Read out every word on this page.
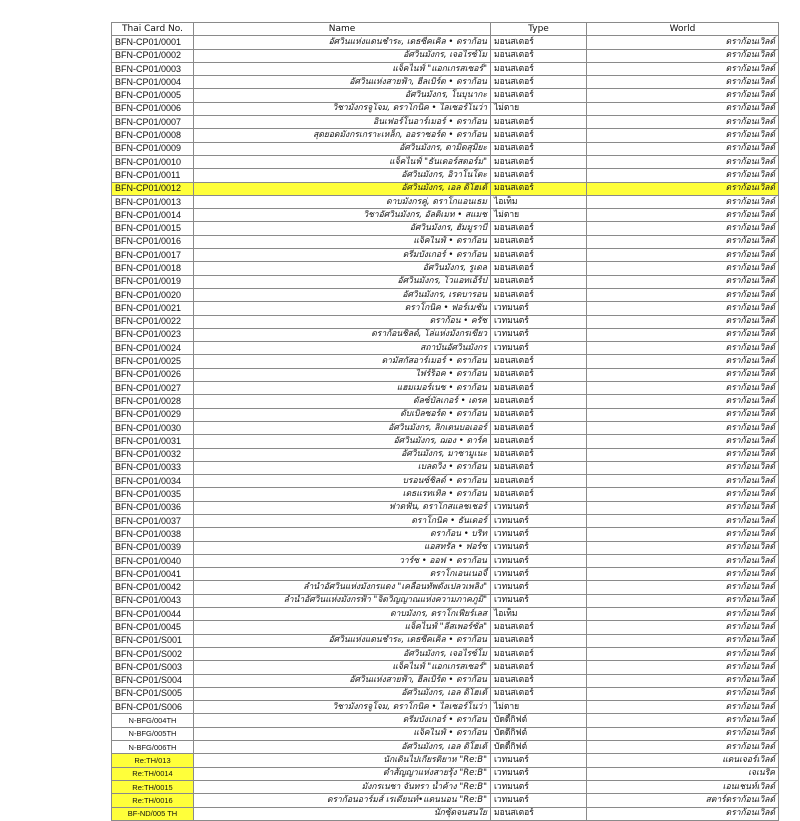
Thai Card No.	Name	Type	World
BFN-CP01/0001	อัศวินแห่งแดนชำระ, เดธซีคเคิล • ดราก้อน	มอนสเตอร์	ดราก้อนเวิลด์
BFN-CP01/0002	อัศวินมังกร, เจอไรซ์โม	มอนสเตอร์	ดราก้อนเวิลด์
BFN-CP01/0003	แจ็คไนฟ์ "แอกเกรสเซอร์"	มอนสเตอร์	ดราก้อนเวิลด์
BFN-CP01/0004	อัศวินแห่งสายฟ้า, ฮีลเบิร์ต • ดราก้อน	มอนสเตอร์	ดราก้อนเวิลด์
BFN-CP01/0005	อัศวินมังกร, โนบุนากะ	มอนสเตอร์	ดราก้อนเวิลด์
BFN-CP01/0006	วิชามังกรจูโจม, ดราโกนิค • ไลเซอร์โนว่า	ไม่ตาย	ดราก้อนเวิลด์
BFN-CP01/0007	อินเฟอร์โนอาร์เมอร์ • ดราก้อน	มอนสเตอร์	ดราก้อนเวิลด์
BFN-CP01/0008	สุดยอดมังกรเกราะเหล็ก, ออราซอร์ด • ดราก้อน	มอนสเตอร์	ดราก้อนเวิลด์
BFN-CP01/0009	อัศวินมังกร, ดามิดสุมิยะ	มอนสเตอร์	ดราก้อนเวิลด์
BFN-CP01/0010	แจ็คไนฟ์ "ธันเดอร์สตอร์ม"	มอนสเตอร์	ดราก้อนเวิลด์
BFN-CP01/0011	อัศวินมังกร, อิวาโนโตะ	มอนสเตอร์	ดราก้อนเวิลด์
BFN-CP01/0012	อัศวินมังกร, เอล ดิโฮเต้	มอนสเตอร์	ดราก้อนเวิลด์
BFN-CP01/0013	ดาบมังกรคู่, ดราโกแอนเธม	ไอเท็ม	ดราก้อนเวิลด์
BFN-CP01/0014	วิชาอัศวินมังกร, อัลติเมท • สแมช	ไม่ตาย	ดราก้อนเวิลด์
BFN-CP01/0015	อัศวินมังกร, ฮัมมูราบี	มอนสเตอร์	ดราก้อนเวิลด์
BFN-CP01/0016	แจ็คไนฟ์ • ดราก้อน	มอนสเตอร์	ดราก้อนเวิลด์
BFN-CP01/0017	ดรีมบังเกอร์ • ดราก้อน	มอนสเตอร์	ดราก้อนเวิลด์
BFN-CP01/0018	อัศวินมังกร, รูเดล	มอนสเตอร์	ดราก้อนเวิลด์
BFN-CP01/0019	อัศวินมังกร, โวแอทเอ้ร์ป	มอนสเตอร์	ดราก้อนเวิลด์
BFN-CP01/0020	อัศวินมังกร, เรดบารอน	มอนสเตอร์	ดราก้อนเวิลด์
BFN-CP01/0021	ดราโกนิค • ฟอร์เมชั่น	เวทมนตร์	ดราก้อนเวิลด์
BFN-CP01/0022	ดราก้อน • ครัช	เวทมนตร์	ดราก้อนเวิลด์
BFN-CP01/0023	ดราก้อนชิลด์, โล่แห่งมังกรเขียว	เวทมนตร์	ดราก้อนเวิลด์
BFN-CP01/0024	สถาบันอัศวินมังกร	เวทมนตร์	ดราก้อนเวิลด์
BFN-CP01/0025	ดามัสกัสอาร์เมอร์ • ดราก้อน	มอนสเตอร์	ดราก้อนเวิลด์
BFN-CP01/0026	ไฟร์ร็อค • ดราก้อน	มอนสเตอร์	ดราก้อนเวิลด์
BFN-CP01/0027	แฮมเมอร์เนซ • ดราก้อน	มอนสเตอร์	ดราก้อนเวิลด์
BFN-CP01/0028	ดัลซ์บัลเกอร์ • เดรค	มอนสเตอร์	ดราก้อนเวิลด์
BFN-CP01/0029	ดับเบิลซอร์ด • ดราก้อน	มอนสเตอร์	ดราก้อนเวิลด์
BFN-CP01/0030	อัศวินมังกร, ลิกเตนบอเออร์	มอนสเตอร์	ดราก้อนเวิลด์
BFN-CP01/0031	อัศวินมังกร, ฌอง • ดาร์ค	มอนสเตอร์	ดราก้อนเวิลด์
BFN-CP01/0032	อัศวินมังกร, มาซามูเนะ	มอนสเตอร์	ดราก้อนเวิลด์
BFN-CP01/0033	เบลดวิง • ดราก้อน	มอนสเตอร์	ดราก้อนเวิลด์
BFN-CP01/0034	บรอนซ์ชิลด์ • ดราก้อน	มอนสเตอร์	ดราก้อนเวิลด์
BFN-CP01/0035	เดธแรทเทิล • ดราก้อน	มอนสเตอร์	ดราก้อนเวิลด์
BFN-CP01/0036	ฟาดฟัน, ดราโกสแลชเชอร์	เวทมนตร์	ดราก้อนเวิลด์
BFN-CP01/0037	ดราโกนิค • ธันเดอร์	เวทมนตร์	ดราก้อนเวิลด์
BFN-CP01/0038	ดราก้อน • บริท	เวทมนตร์	ดราก้อนเวิลด์
BFN-CP01/0039	แอสทรัล • ฟอร์ซ	เวทมนตร์	ดราก้อนเวิลด์
BFN-CP01/0040	วาร์ซ • ออฟ • ดราก้อน	เวทมนตร์	ดราก้อนเวิลด์
BFN-CP01/0041	ดราโกเอนเนอจี้	เวทมนตร์	ดราก้อนเวิลด์
BFN-CP01/0042	ลำนำอัศวินแห่งมังกรแดง "เคลื่อนทัพดั่งเปลวเพลิง"	เวทมนตร์	ดราก้อนเวิลด์
BFN-CP01/0043	ลำนำอัศวินแห่งมังกรฟ้า "จิตวิญญาณแห่งความภาคภูมิ"	เวทมนตร์	ดราก้อนเวิลด์
BFN-CP01/0044	ดาบมังกร, ดราโกเฟียร์เลส	ไอเท็ม	ดราก้อนเวิลด์
BFN-CP01/0045	แจ็คไนฟ์ "ลีสเพอร์ซั่ล"	มอนสเตอร์	ดราก้อนเวิลด์
BFN-CP01/S001	อัศวินแห่งแดนชำระ, เดธซีคเคิล • ดราก้อน	มอนสเตอร์	ดราก้อนเวิลด์
BFN-CP01/S002	อัศวินมังกร, เจอไรซ์โม	มอนสเตอร์	ดราก้อนเวิลด์
BFN-CP01/S003	แจ็คไนฟ์ "แอกเกรสเซอร์"	มอนสเตอร์	ดราก้อนเวิลด์
BFN-CP01/S004	อัศวินแห่งสายฟ้า, ฮีลเบิร์ต • ดราก้อน	มอนสเตอร์	ดราก้อนเวิลด์
BFN-CP01/S005	อัศวินมังกร, เอล ดิโฮเต้	มอนสเตอร์	ดราก้อนเวิลด์
BFN-CP01/S006	วิชามังกรจูโจม, ดราโกนิค • ไลเซอร์โนว่า	ไม่ตาย	ดราก้อนเวิลด์
N-BFG/004TH	ดรีมบังเกอร์ • ดราก้อน	บัดดี้กิฟต์	ดราก้อนเวิลด์
N-BFG/005TH	แจ็คไนฟ์ • ดราก้อน	บัดดี้กิฟต์	ดราก้อนเวิลด์
N-BFG/006TH	อัศวินมังกร, เอล ดิโฮเต้	บัดดี้กิฟต์	ดราก้อนเวิลด์
Re:TH/013	นักเดินไปเกียรติยาห "Re:B"	เวทมนตร์	แดนเจอร์เวิลด์
Re:TH/0014	ตำส้ญญาแห่งสายรุ้ง "Re:B"	เวทมนตร์	เจเนริค
Re:TH/0015	มังกรเนซา จันทรา น้ำค้าง "Re:B"	เวทมนตร์	เอนเชนท์เวิลด์
Re:TH/0016	ดราก้อนอาร์มส์ เรเดียนท์•แดนนอน "Re:B"	เวทมนตร์	สตาร์ดราก้อนเวิลด์
BF-ND/005 TH	นักซุ้ดจนสนใย	มอนสเตอร์	ดราก้อนเวิลด์
